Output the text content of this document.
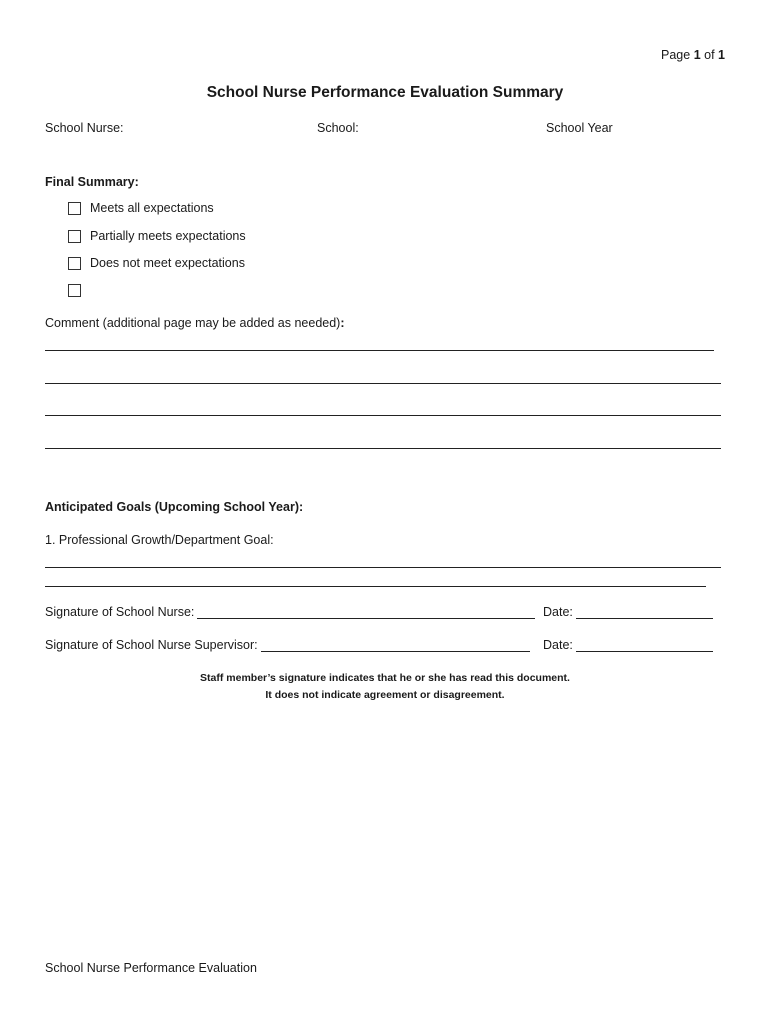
Page 1 of 1
School Nurse Performance Evaluation Summary
School Nurse:	School:	School Year
Final Summary:
Meets all expectations
Partially meets expectations
Does not meet expectations
Comment (additional page may be added as needed):
Anticipated Goals (Upcoming School Year):
1. Professional Growth/Department Goal:
Signature of School Nurse:	Date:
Signature of School Nurse Supervisor:	Date:
Staff member’s signature indicates that he or she has read this document.
It does not indicate agreement or disagreement.
School Nurse Performance Evaluation
